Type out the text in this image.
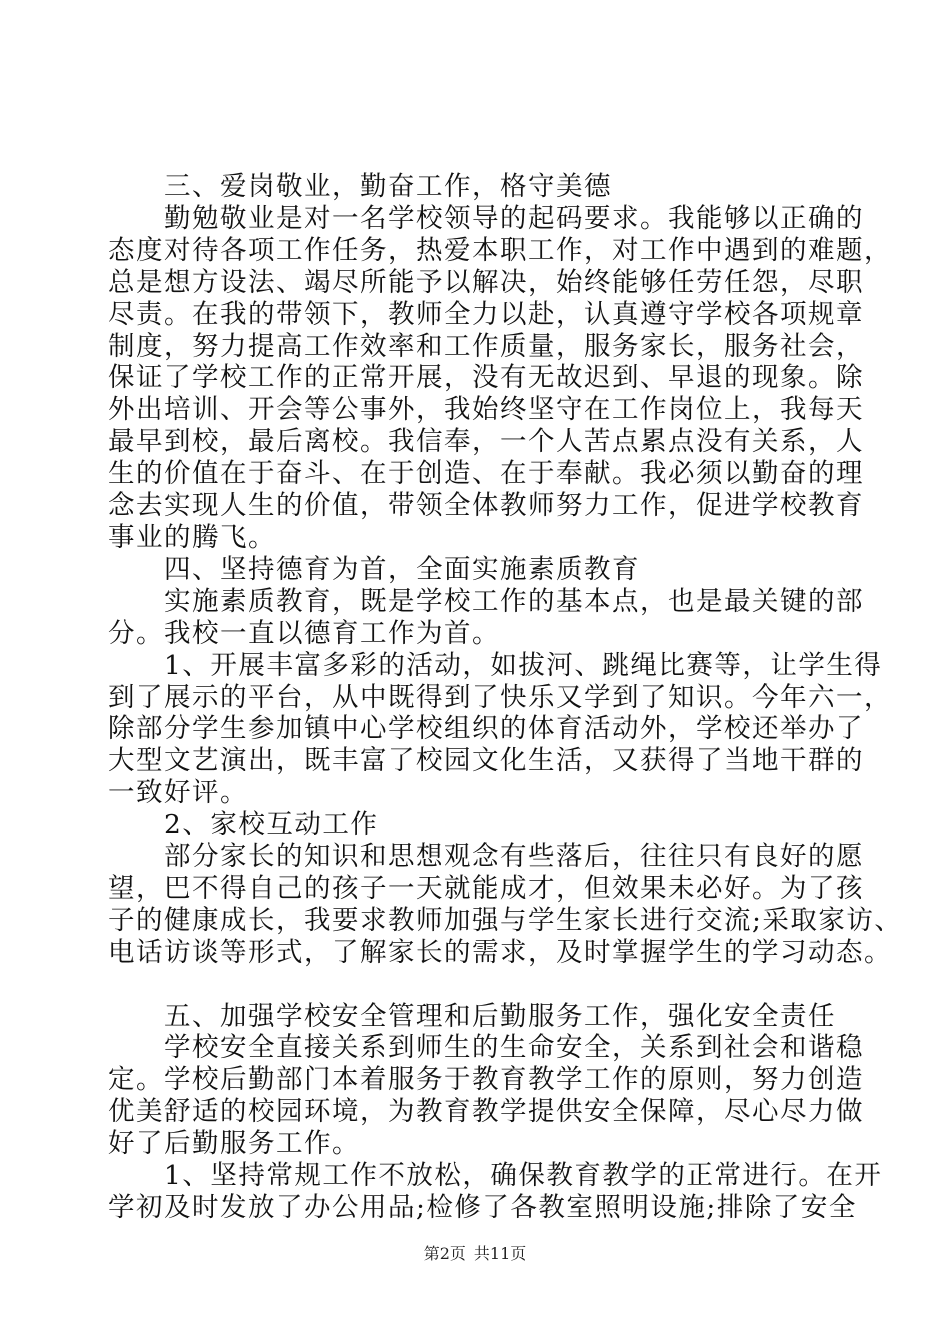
　　三、爱岗敬业，勤奋工作，格守美德
　　勤勉敬业是对一名学校领导的起码要求。我能够以正确的
态度对待各项工作任务，热爱本职工作，对工作中遇到的难题，
总是想方设法、竭尽所能予以解决，始终能够任劳任怨，尽职
尽责。在我的带领下，教师全力以赴，认真遵守学校各项规章
制度，努力提高工作效率和工作质量，服务家长，服务社会，
保证了学校工作的正常开展，没有无故迟到、早退的现象。除
外出培训、开会等公事外，我始终坚守在工作岗位上，我每天
最早到校，最后离校。我信奉，一个人苦点累点没有关系，人
生的价值在于奋斗、在于创造、在于奉献。我必须以勤奋的理
念去实现人生的价值，带领全体教师努力工作，促进学校教育
事业的腾飞。
　　四、坚持德育为首，全面实施素质教育
　　实施素质教育，既是学校工作的基本点，也是最关键的部
分。我校一直以德育工作为首。
　　1、开展丰富多彩的活动，如拔河、跳绳比赛等，让学生得
到了展示的平台，从中既得到了快乐又学到了知识。今年六一，
除部分学生参加镇中心学校组织的体育活动外，学校还举办了
大型文艺演出，既丰富了校园文化生活，又获得了当地干群的
一致好评。
　　2、家校互动工作
　　部分家长的知识和思想观念有些落后，往往只有良好的愿
望，巴不得自己的孩子一天就能成才，但效果未必好。为了孩
子的健康成长，我要求教师加强与学生家长进行交流;采取家访、
电话访谈等形式，了解家长的需求，及时掌握学生的学习动态。
　　五、加强学校安全管理和后勤服务工作，强化安全责任
　　学校安全直接关系到师生的生命安全，关系到社会和谐稳
定。学校后勤部门本着服务于教育教学工作的原则，努力创造
优美舒适的校园环境，为教育教学提供安全保障，尽心尽力做
好了后勤服务工作。
　　1、坚持常规工作不放松，确保教育教学的正常进行。在开
学初及时发放了办公用品;检修了各教室照明设施;排除了安全
第2页 共11页
